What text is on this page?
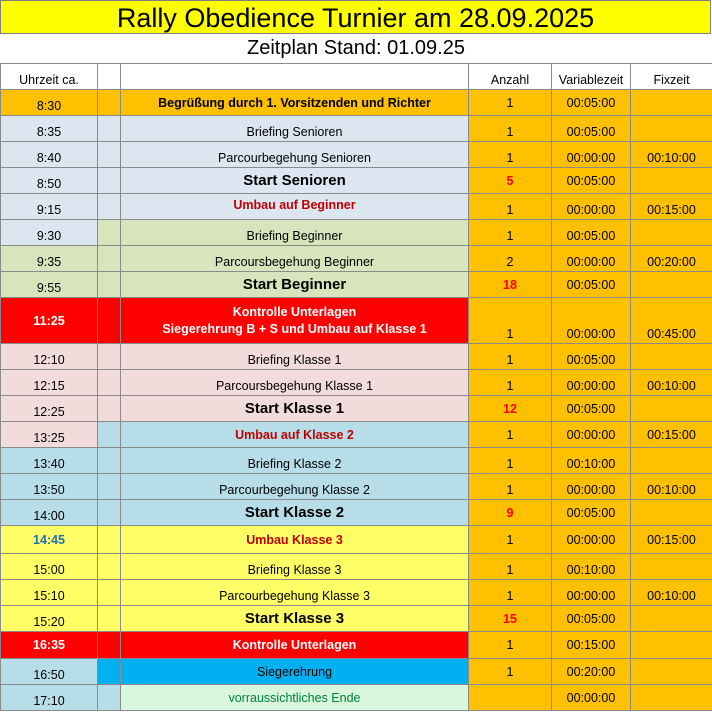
Rally Obedience Turnier am 28.09.2025
Zeitplan Stand: 01.09.25
Uhrzeit ca.			Anzahl	Variablezeit	Fixzeit
8:30		Begrüßung durch 1. Vorsitzenden und Richter	1	00:05:00	
8:35		Briefing Senioren	1	00:05:00	
8:40		Parcourbegehung Senioren	1	00:00:00	00:10:00
8:50		Start Senioren	5	00:05:00	
9:15		Umbau auf Beginner	1	00:00:00	00:15:00
9:30		Briefing Beginner	1	00:05:00	
9:35		Parcoursbegehung Beginner	2	00:00:00	00:20:00
9:55		Start Beginner	18	00:05:00	
11:25		Kontrolle Unterlagen
Siegerehrung B + S und Umbau auf Klasse 1	1	00:00:00	00:45:00
12:10		Briefing Klasse 1	1	00:05:00	
12:15		Parcoursbegehung Klasse 1	1	00:00:00	00:10:00
12:25		Start Klasse 1	12	00:05:00	
13:25		Umbau auf Klasse 2	1	00:00:00	00:15:00
13:40		Briefing Klasse 2	1	00:10:00	
13:50		Parcourbegehung Klasse 2	1	00:00:00	00:10:00
14:00		Start Klasse 2	9	00:05:00	
14:45		Umbau Klasse 3	1	00:00:00	00:15:00
15:00		Briefing Klasse 3	1	00:10:00	
15:10		Parcourbegehung Klasse 3	1	00:00:00	00:10:00
15:20		Start Klasse 3	15	00:05:00	
16:35		Kontrolle Unterlagen	1	00:15:00	
16:50		Siegerehrung	1	00:20:00	
17:10		vorraussichtliches Ende		00:00:00	
